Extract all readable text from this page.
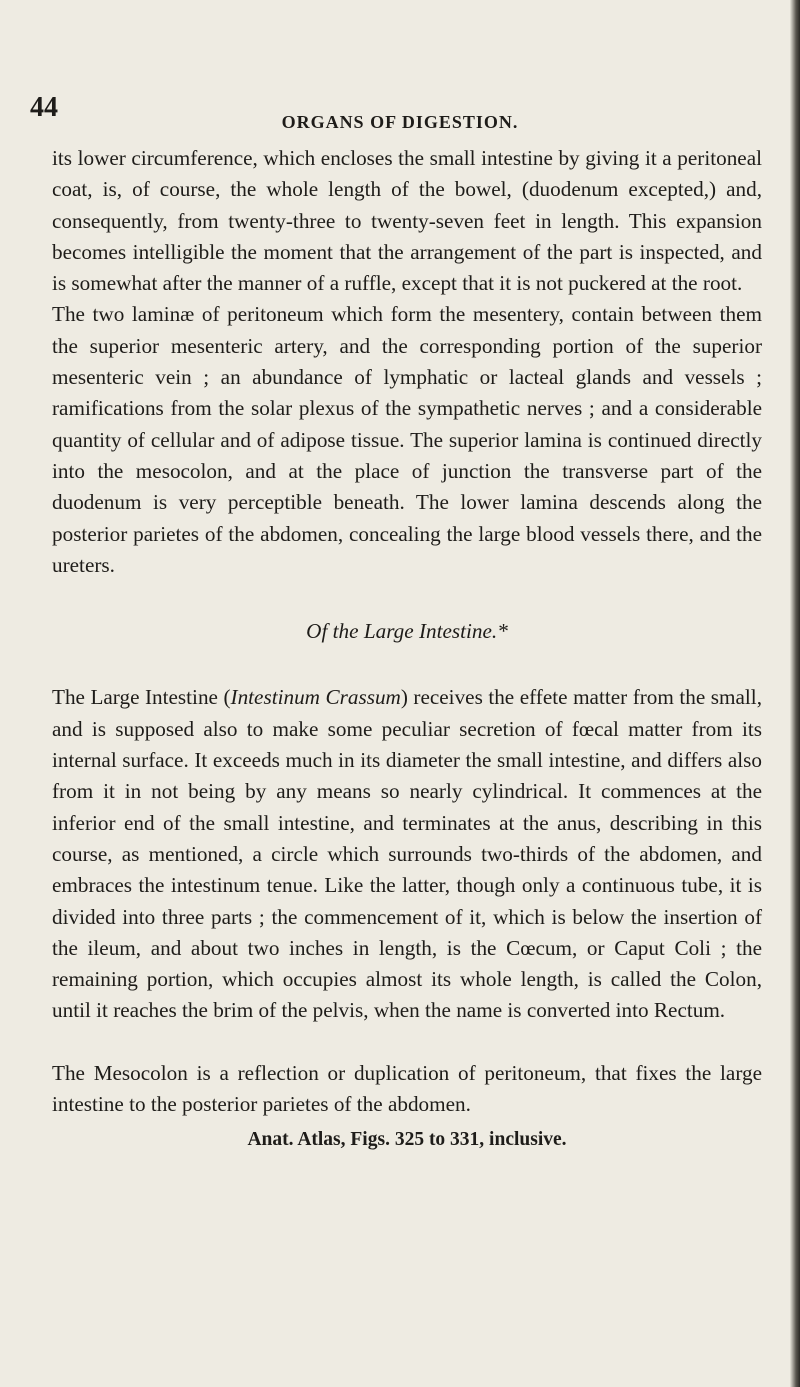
44	ORGANS OF DIGESTION.

its lower circumference, which encloses the small intestine by giving it a peritoneal coat, is, of course, the whole length of the bowel, (duodenum excepted,) and, consequently, from twenty-three to twenty-seven feet in length. This expansion becomes intelligible the moment that the arrangement of the part is inspected, and is somewhat after the manner of a ruffle, except that it is not puckered at the root.

The two laminæ of peritoneum which form the mesentery, contain between them the superior mesenteric artery, and the corresponding portion of the superior mesenteric vein ; an abundance of lymphatic or lacteal glands and vessels ; ramifications from the solar plexus of the sympathetic nerves ; and a considerable quantity of cellular and of adipose tissue. The superior lamina is continued directly into the mesocolon, and at the place of junction the transverse part of the duodenum is very perceptible beneath. The lower lamina descends along the posterior parietes of the abdomen, concealing the large blood vessels there, and the ureters.

Of the Large Intestine.*

The Large Intestine (Intestinum Crassum) receives the effete matter from the small, and is supposed also to make some peculiar secretion of fœcal matter from its internal surface. It exceeds much in its diameter the small intestine, and differs also from it in not being by any means so nearly cylindrical. It commences at the inferior end of the small intestine, and terminates at the anus, describing in this course, as mentioned, a circle which surrounds two-thirds of the abdomen, and embraces the intestinum tenue. Like the latter, though only a continuous tube, it is divided into three parts ; the commencement of it, which is below the insertion of the ileum, and about two inches in length, is the Cœcum, or Caput Coli ; the remaining portion, which occupies almost its whole length, is called the Colon, until it reaches the brim of the pelvis, when the name is converted into Rectum.

The Mesocolon is a reflection or duplication of peritoneum, that fixes the large intestine to the posterior parietes of the abdomen.

Anat. Atlas, Figs. 325 to 331, inclusive.
